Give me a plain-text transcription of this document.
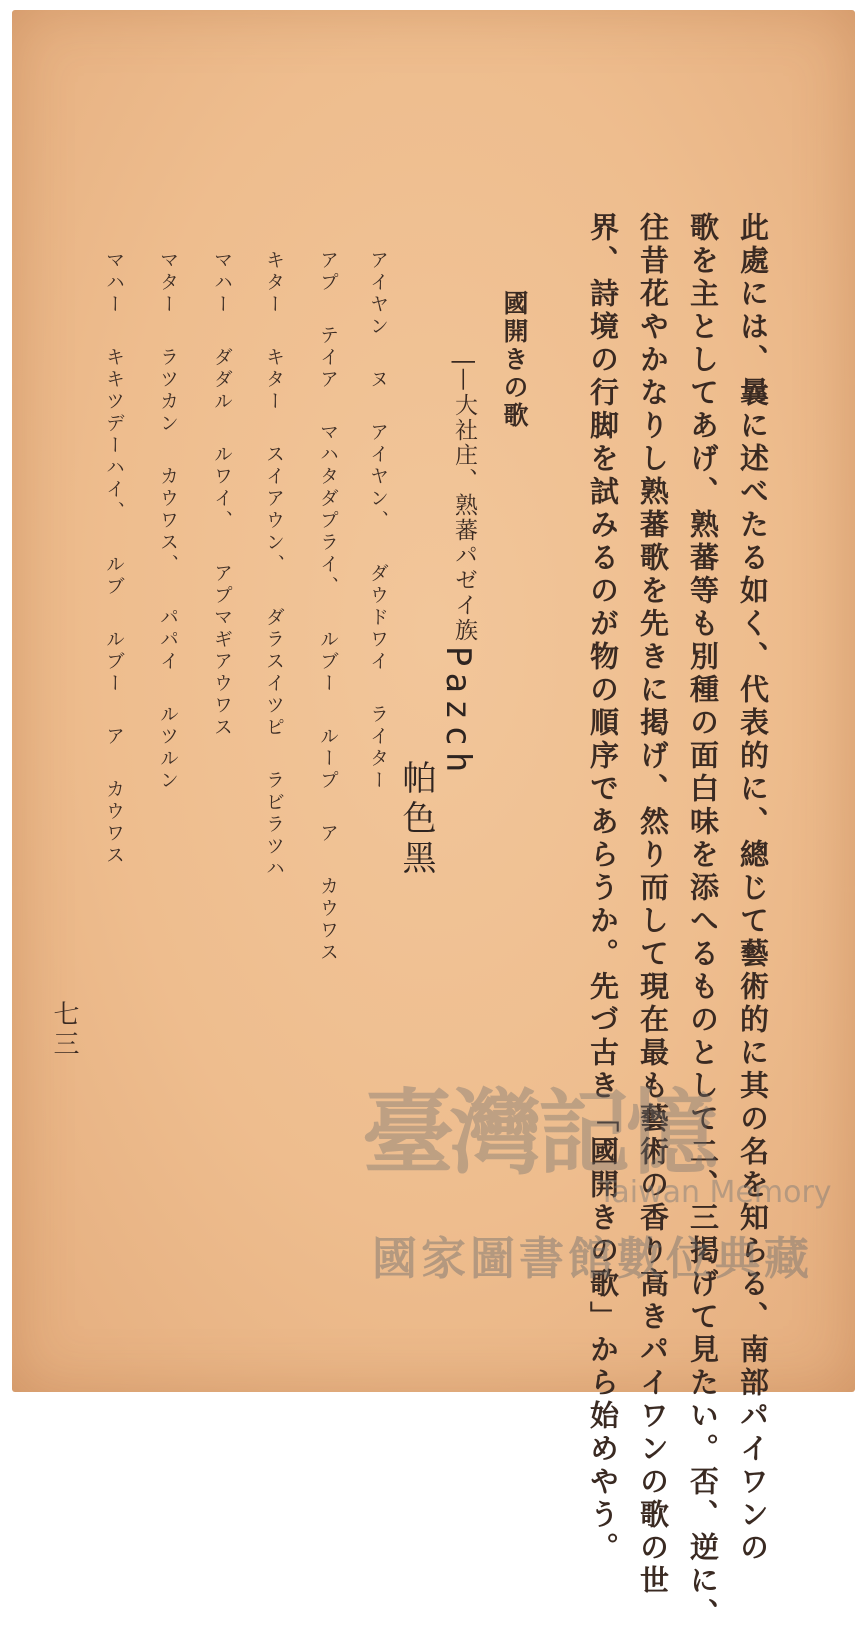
此處には、曩に述べたる如く、代表的に、總じて藝術的に其の名を知らる、南部パイワンの
歌を主としてあげ、熟蕃等も別種の面白味を添へるものとして二、三掲げて見たい。否、逆に、
往昔花やかなりし熟蕃歌を先きに掲げ、然り而して現在最も藝術の香り高きパイワンの歌の世
界、詩境の行脚を試みるのが物の順序であらうか。先づ古き「國開きの歌」から始めやう。
國開きの歌
|—大社庄、熟蕃パゼイ族
Pazch
帕色黑
アイヤン ヌ アイヤン、 ダウドワイ ライター
アプ テイア マハタダプライ、 ルブー ループ ア カウワス
キター キター スイアウン、 ダラスイツピ ラビラツハ
マハー ダダル ルワイ、 アプマギアウワス
マター ラツカン カウワス、 パパイ ルツルン
マハー キキツデーハイ、 ルブ ルブー ア カウワス
七三
臺灣記憶
Taiwan Memory
國家圖書館數位典藏
